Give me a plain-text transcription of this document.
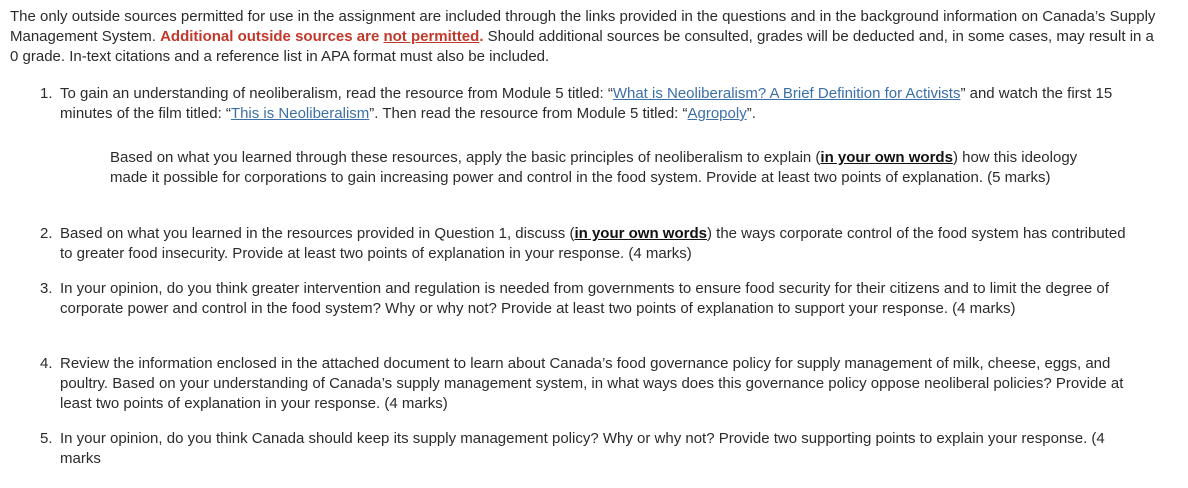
The only outside sources permitted for use in the assignment are included through the links provided in the questions and in the background information on Canada’s Supply Management System. Additional outside sources are not permitted. Should additional sources be consulted, grades will be deducted and, in some cases, may result in a 0 grade. In-text citations and a reference list in APA format must also be included.

1. To gain an understanding of neoliberalism, read the resource from Module 5 titled: “What is Neoliberalism? A Brief Definition for Activists” and watch the first 15 minutes of the film titled: “This is Neoliberalism”. Then read the resource from Module 5 titled: “Agropoly”.

Based on what you learned through these resources, apply the basic principles of neoliberalism to explain (in your own words) how this ideology made it possible for corporations to gain increasing power and control in the food system. Provide at least two points of explanation. (5 marks)

2. Based on what you learned in the resources provided in Question 1, discuss (in your own words) the ways corporate control of the food system has contributed to greater food insecurity. Provide at least two points of explanation in your response. (4 marks)
3. In your opinion, do you think greater intervention and regulation is needed from governments to ensure food security for their citizens and to limit the degree of corporate power and control in the food system? Why or why not? Provide at least two points of explanation to support your response. (4 marks)
4. Review the information enclosed in the attached document to learn about Canada’s food governance policy for supply management of milk, cheese, eggs, and poultry. Based on your understanding of Canada’s supply management system, in what ways does this governance policy oppose neoliberal policies? Provide at least two points of explanation in your response. (4 marks)
5. In your opinion, do you think Canada should keep its supply management policy? Why or why not? Provide two supporting points to explain your response. (4 marks
